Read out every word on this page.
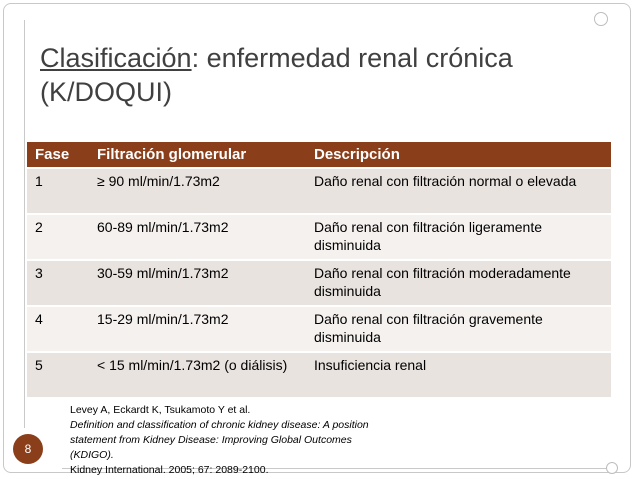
Clasificación: enfermedad renal crónica
(K/DOQUI)
Fase	Filtración glomerular	Descripción
1	≥ 90 ml/min/1.73m2	Daño renal con filtración normal o elevada
2	60-89 ml/min/1.73m2	Daño renal con filtración ligeramente disminuida
3	30-59 ml/min/1.73m2	Daño renal con filtración moderadamente disminuida
4	15-29 ml/min/1.73m2	Daño renal con filtración gravemente disminuida
5	< 15 ml/min/1.73m2 (o diálisis)	Insuficiencia renal
Levey A, Eckardt K, Tsukamoto Y et al.
Definition and classification of chronic kidney disease: A position statement from Kidney Disease: Improving Global Outcomes (KDIGO).
Kidney International. 2005; 67: 2089-2100.
8
